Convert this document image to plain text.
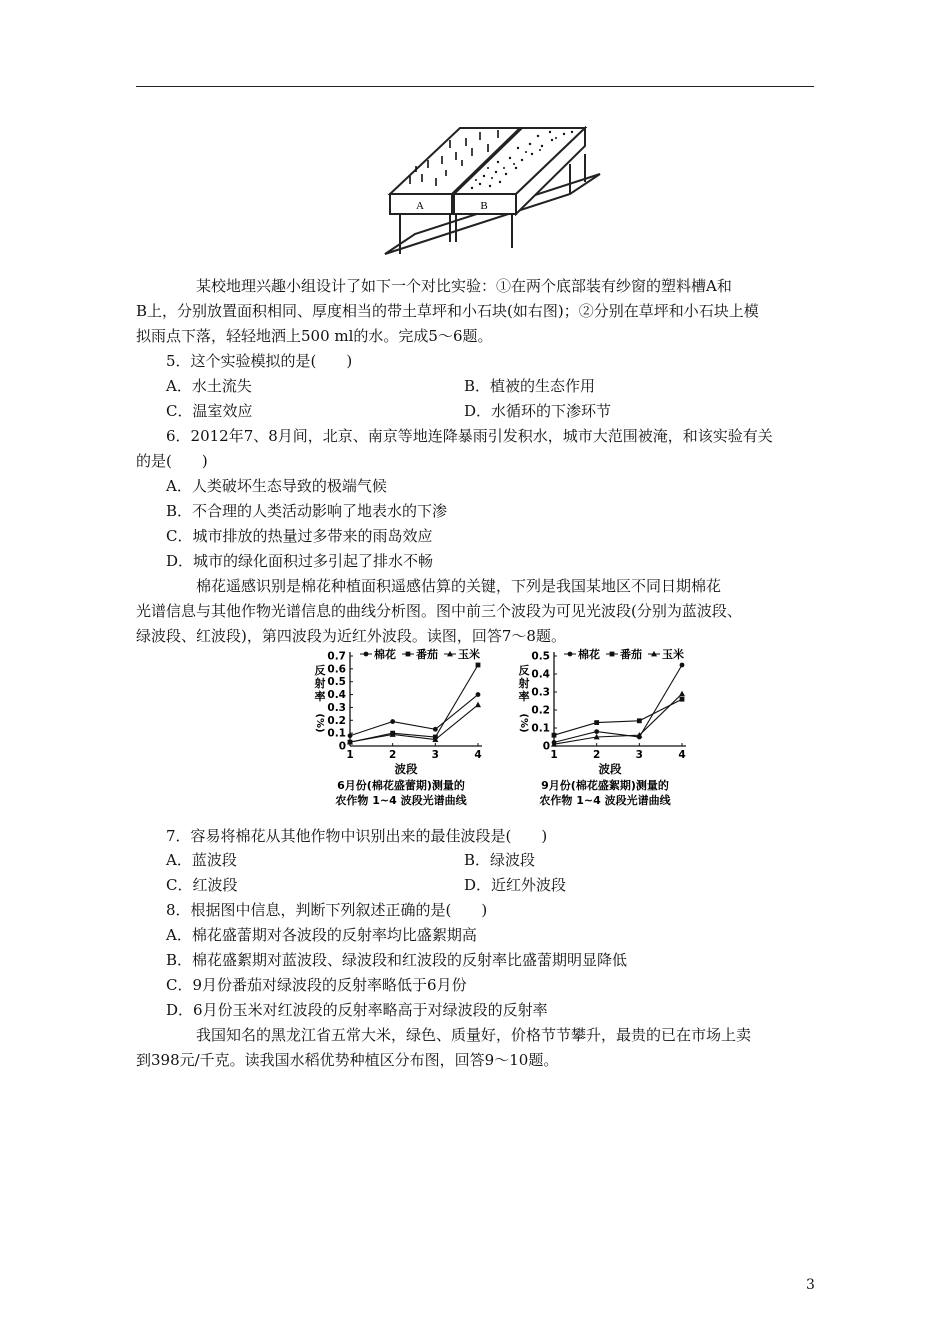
A	B
某校地理兴趣小组设计了如下一个对比实验：①在两个底部装有纱窗的塑料槽A和
B上，分别放置面积相同、厚度相当的带土草坪和小石块(如右图)；②分别在草坪和小石块上模
拟雨点下落，轻轻地洒上500 ml的水。完成5～6题。
5．这个实验模拟的是(　　)
A．水土流失	B．植被的生态作用
C．温室效应	D．水循环的下渗环节
6．2012年7、8月间，北京、南京等地连降暴雨引发积水，城市大范围被淹，和该实验有关
的是(　　)
A．人类破坏生态导致的极端气候
B．不合理的人类活动影响了地表水的下渗
C．城市排放的热量过多带来的雨岛效应
D．城市的绿化面积过多引起了排水不畅
棉花遥感识别是棉花种植面积遥感估算的关键，下列是我国某地区不同日期棉花
光谱信息与其他作物光谱信息的曲线分析图。图中前三个波段为可见光波段(分别为蓝波段、
绿波段、红波段)，第四波段为近红外波段。读图，回答7～8题。
0
0.1
0.2
0.3
0.4
0.5
0.6
0.7
1	2	3	4
反
射
率
(%)
波段
6月份(棉花盛蕾期)测量的
农作物 1~4 波段光谱曲线
棉花 番茄 玉米
0
0.1
0.2
0.3
0.4
0.5
1	2	3	4
反
射
率
(%)
波段
9月份(棉花盛絮期)测量的
农作物 1~4 波段光谱曲线
棉花 番茄 玉米
7．容易将棉花从其他作物中识别出来的最佳波段是(　　)
A．蓝波段	B．绿波段
C．红波段	D．近红外波段
8．根据图中信息，判断下列叙述正确的是(　　)
A．棉花盛蕾期对各波段的反射率均比盛絮期高
B．棉花盛絮期对蓝波段、绿波段和红波段的反射率比盛蕾期明显降低
C．9月份番茄对绿波段的反射率略低于6月份
D．6月份玉米对红波段的反射率略高于对绿波段的反射率
我国知名的黑龙江省五常大米，绿色、质量好，价格节节攀升，最贵的已在市场上卖
到398元/千克。读我国水稻优势种植区分布图，回答9～10题。
3
